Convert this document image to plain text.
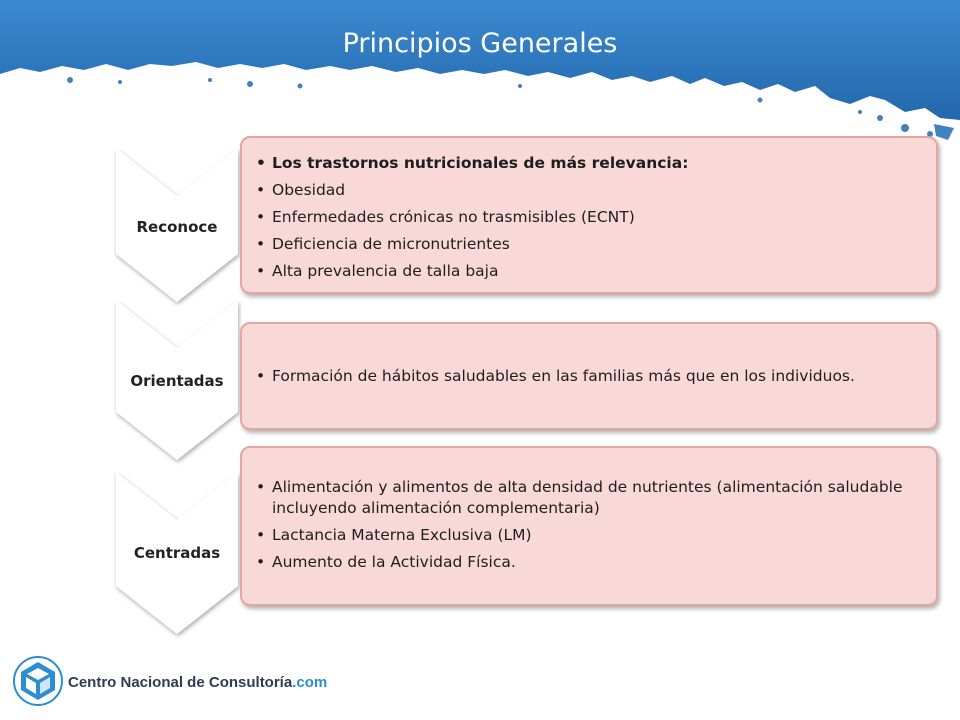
Principios Generales
Reconoce
• Los trastornos nutricionales de más relevancia:
• Obesidad
• Enfermedades crónicas no trasmisibles (ECNT)
• Deficiencia de micronutrientes
• Alta prevalencia de talla baja
Orientadas
•	Formación de hábitos saludables en las familias más que en los individuos.
Centradas
• Alimentación y alimentos de alta densidad de nutrientes (alimentación saludable incluyendo alimentación complementaria)
• Lactancia Materna Exclusiva (LM)
• Aumento de la Actividad Física.
Centro Nacional de Consultoría.com
